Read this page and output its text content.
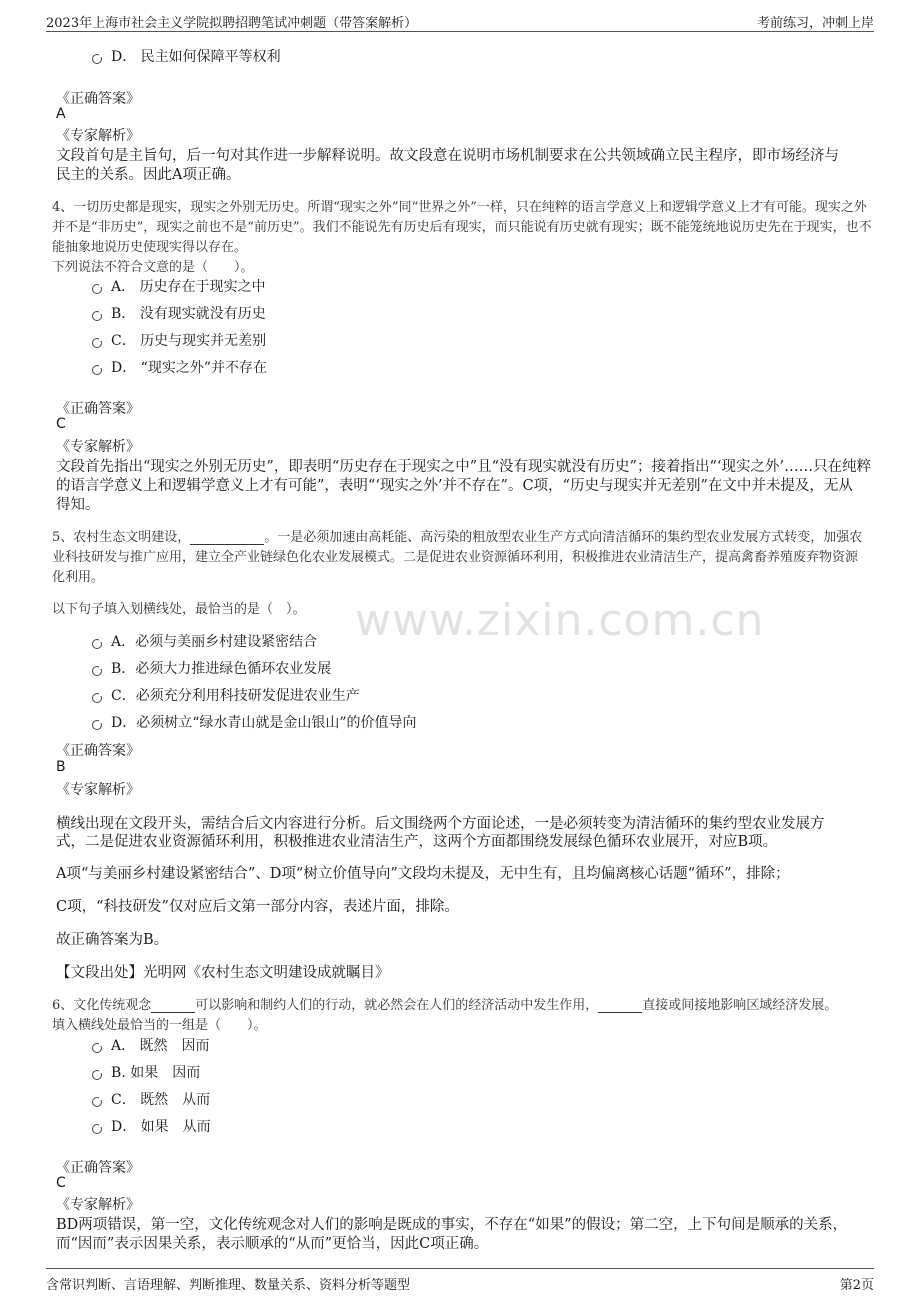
2023年上海市社会主义学院拟聘招聘笔试冲刺题（带答案解析）	考前练习，冲刺上岸
www.zixin.com.cn
D． 民主如何保障平等权利
《正确答案》
A
《专家解析》
文段首句是主旨句，后一句对其作进一步解释说明。故文段意在说明市场机制要求在公共领域确立民主程序，即市场经济与
民主的关系。因此A项正确。
4、一切历史都是现实，现实之外别无历史。所谓“现实之外”同“世界之外”一样，只在纯粹的语言学意义上和逻辑学意义上才有可能。现实之外
并不是“非历史”，现实之前也不是“前历史”。我们不能说先有历史后有现实，而只能说有历史就有现实；既不能笼统地说历史先在于现实，也不
能抽象地说历史使现实得以存在。
下列说法不符合文意的是（　　）。
A． 历史存在于现实之中
B． 没有现实就没有历史
C． 历史与现实并无差别
D． “现实之外”并不存在
《正确答案》
C
《专家解析》
文段首先指出“现实之外别无历史”，即表明“历史存在于现实之中”且“没有现实就没有历史”；接着指出“‘现实之外’……只在纯粹
的语言学意义上和逻辑学意义上才有可能”，表明“‘现实之外’并不存在”。C项，“历史与现实并无差别”在文中并未提及，无从
得知。
5、农村生态文明建设，	。一是必须加速由高耗能、高污染的粗放型农业生产方式向清洁循环的集约型农业发展方式转变，加强农
业科技研发与推广应用，建立全产业链绿色化农业发展模式。二是促进农业资源循环利用，积极推进农业清洁生产，提高禽畜养殖废弃物资源
化利用。
以下句子填入划横线处，最恰当的是（　）。
A．必须与美丽乡村建设紧密结合
B．必须大力推进绿色循环农业发展
C．必须充分利用科技研发促进农业生产
D．必须树立“绿水青山就是金山银山”的价值导向
《正确答案》
B
《专家解析》
横线出现在文段开头，需结合后文内容进行分析。后文围绕两个方面论述，一是必须转变为清洁循环的集约型农业发展方
式，二是促进农业资源循环利用，积极推进农业清洁生产，这两个方面都围绕发展绿色循环农业展开，对应B项。
A项“与美丽乡村建设紧密结合”、D项“树立价值导向”文段均未提及，无中生有，且均偏离核心话题“循环”，排除；
C项，“科技研发”仅对应后文第一部分内容，表述片面，排除。
故正确答案为B。
【文段出处】光明网《农村生态文明建设成就瞩目》
6、文化传统观念	可以影响和制约人们的行动，就必然会在人们的经济活动中发生作用，	直接或间接地影响区域经济发展。
填入横线处最恰当的一组是（　　）。
A． 既然　因而
B. 如果　因而
C． 既然　从而
D． 如果　从而
《正确答案》
C
《专家解析》
BD两项错误，第一空，文化传统观念对人们的影响是既成的事实，不存在“如果”的假设；第二空，上下句间是顺承的关系，
而“因而”表示因果关系，表示顺承的“从而”更恰当，因此C项正确。
含常识判断、言语理解、判断推理、数量关系、资料分析等题型	第2页
